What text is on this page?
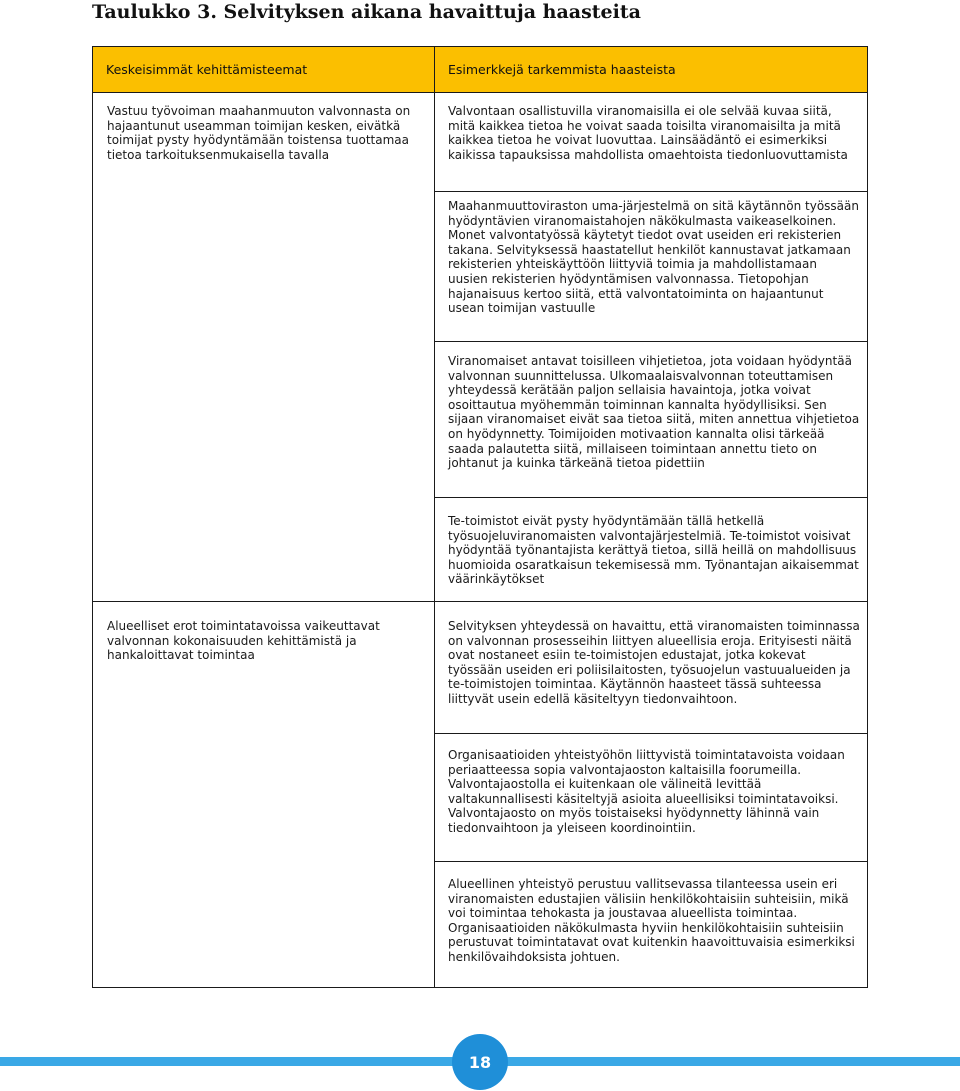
Taulukko 3. Selvityksen aikana havaittuja haasteita
Keskeisimmät kehittämisteemat	Esimerkkejä tarkemmista haasteista
Vastuu työvoiman maahanmuuton valvonnasta on hajaantunut useamman toimijan kesken, eivätkä toimijat pysty hyödyntämään toistensa tuottamaa tietoa tarkoituksenmukaisella tavalla
Valvontaan osallistuvilla viranomaisilla ei ole selvää kuvaa siitä, mitä kaikkea tietoa he voivat saada toisilta viranomaisilta ja mitä kaikkea tietoa he voivat luovuttaa. Lainsäädäntö ei esimerkiksi kaikissa tapauksissa mahdollista omaehtoista tiedonluovuttamista
Maahanmuuttoviraston uma-järjestelmä on sitä käytännön työssään hyödyntävien viranomaistahojen näkökulmasta vaikeaselkoinen. Monet valvontatyössä käytetyt tiedot ovat useiden eri rekisterien takana. Selvityksessä haastatellut henkilöt kannustavat jatkamaan rekisterien yhteiskäyttöön liittyviä toimia ja mahdollistamaan uusien rekisterien hyödyntämisen valvonnassa. Tietopohjan hajanaisuus kertoo siitä, että valvontatoiminta on hajaantunut usean toimijan vastuulle
Viranomaiset antavat toisilleen vihjetietoa, jota voidaan hyödyntää valvonnan suunnittelussa. Ulkomaalaisvalvonnan toteuttamisen yhteydessä kerätään paljon sellaisia havaintoja, jotka voivat osoittautua myöhemmän toiminnan kannalta hyödyllisiksi. Sen sijaan viranomaiset eivät saa tietoa siitä, miten annettua vihjetietoa on hyödynnetty. Toimijoiden motivaation kannalta olisi tärkeää saada palautetta siitä, millaiseen toimintaan annettu tieto on johtanut ja kuinka tärkeänä tietoa pidettiin
Te-toimistot eivät pysty hyödyntämään tällä hetkellä työsuojeluviranomaisten valvontajärjestelmiä. Te-toimistot voisivat hyödyntää työnantajista kerättyä tietoa, sillä heillä on mahdollisuus huomioida osaratkaisun tekemisessä mm. Työnantajan aikaisemmat väärinkäytökset
Alueelliset erot toimintatavoissa vaikeuttavat valvonnan kokonaisuuden kehittämistä ja hankaloittavat toimintaa
Selvityksen yhteydessä on havaittu, että viranomaisten toiminnassa on valvonnan prosesseihin liittyen alueellisia eroja. Erityisesti näitä ovat nostaneet esiin te-toimistojen edustajat, jotka kokevat työssään useiden eri poliisilaitosten, työsuojelun vastuualueiden ja te-toimistojen toimintaa. Käytännön haasteet tässä suhteessa liittyvät usein edellä käsiteltyyn tiedonvaihtoon.
Organisaatioiden yhteistyöhön liittyvistä toimintatavoista voidaan periaatteessa sopia valvontajaoston kaltaisilla foorumeilla. Valvontajaostolla ei kuitenkaan ole välineitä levittää valtakunnallisesti käsiteltyjä asioita alueellisiksi toimintatavoiksi. Valvontajaosto on myös toistaiseksi hyödynnetty lähinnä vain tiedonvaihtoon ja yleiseen koordinointiin.
Alueellinen yhteistyö perustuu vallitsevassa tilanteessa usein eri viranomaisten edustajien välisiin henkilökohtaisiin suhteisiin, mikä voi toimintaa tehokasta ja joustavaa alueellista toimintaa. Organisaatioiden näkökulmasta hyviin henkilökohtaisiin suhteisiin perustuvat toimintatavat ovat kuitenkin haavoittuvaisia esimerkiksi henkilövaihdoksista johtuen.
18
